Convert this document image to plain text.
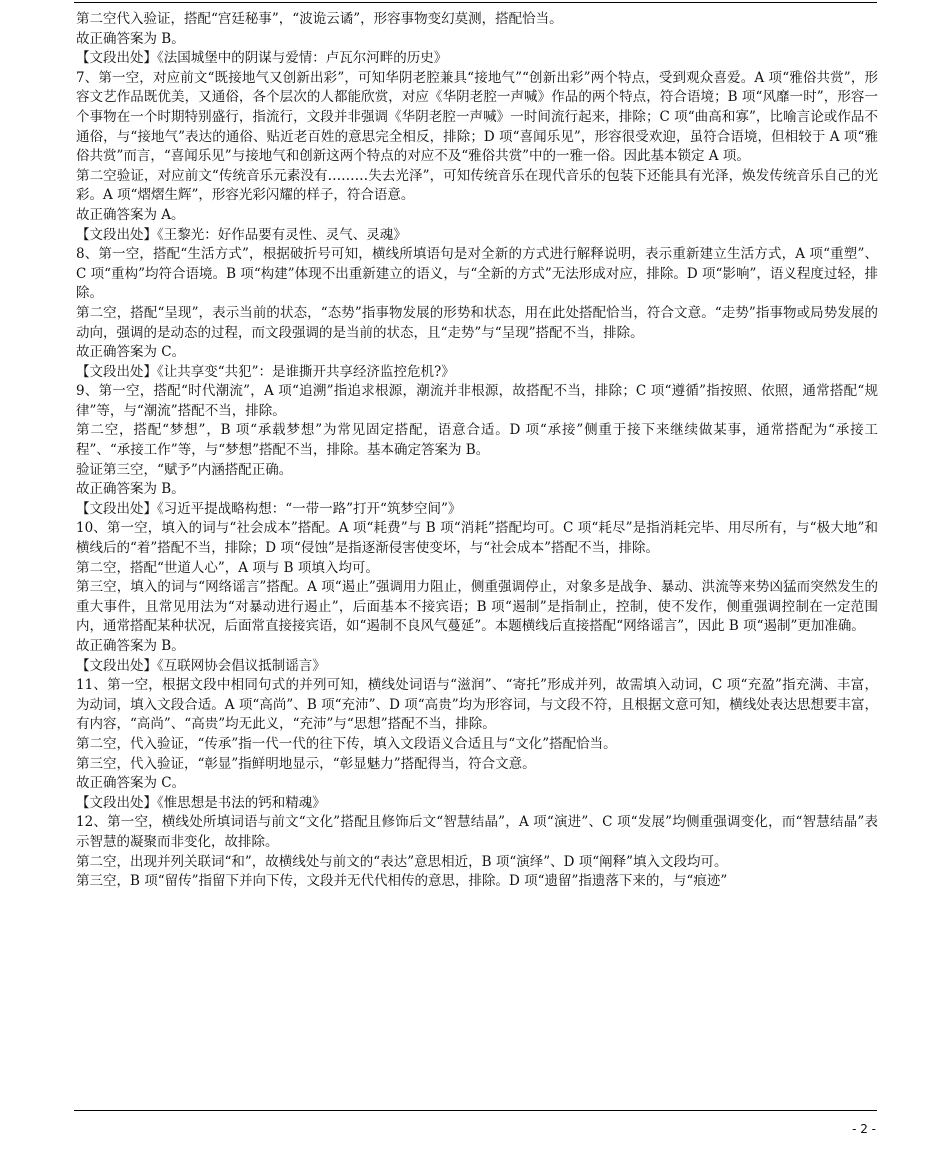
第二空代入验证，搭配“宫廷秘事”，“波诡云谲”，形容事物变幻莫测，搭配恰当。

故正确答案为 B。

【文段出处】《法国城堡中的阴谋与爱情：卢瓦尔河畔的历史》

7、第一空，对应前文“既接地气又创新出彩”，可知华阴老腔兼具“接地气”“创新出彩”两个特点，受到观众喜爱。A 项“雅俗共赏”，形容文艺作品既优美，又通俗，各个层次的人都能欣赏，对应《华阴老腔一声喊》作品的两个特点，符合语境；B 项“风靡一时”，形容一个事物在一个时期特别盛行，指流行，文段并非强调《华阴老腔一声喊》一时间流行起来，排除；C 项“曲高和寡”，比喻言论或作品不通俗，与“接地气”表达的通俗、贴近老百姓的意思完全相反，排除；D 项“喜闻乐见”，形容很受欢迎，虽符合语境，但相较于 A 项“雅俗共赏”而言，“喜闻乐见”与接地气和创新这两个特点的对应不及“雅俗共赏”中的一雅一俗。因此基本锁定 A 项。

第二空验证，对应前文“传统音乐元素没有………失去光泽”，可知传统音乐在现代音乐的包装下还能具有光泽，焕发传统音乐自己的光彩。A 项“熠熠生辉”，形容光彩闪耀的样子，符合语意。

故正确答案为 A。

【文段出处】《王黎光：好作品要有灵性、灵气、灵魂》

8、第一空，搭配“生活方式”，根据破折号可知，横线所填语句是对全新的方式进行解释说明，表示重新建立生活方式，A 项“重塑”、C 项“重构”均符合语境。B 项“构建”体现不出重新建立的语义，与“全新的方式”无法形成对应，排除。D 项“影响”，语义程度过轻，排除。

第二空，搭配“呈现”，表示当前的状态，“态势”指事物发展的形势和状态，用在此处搭配恰当，符合文意。“走势”指事物或局势发展的动向，强调的是动态的过程，而文段强调的是当前的状态，且“走势”与“呈现”搭配不当，排除。

故正确答案为 C。

【文段出处】《让共享变“共犯”：是谁撕开共享经济监控危机?》

9、第一空，搭配“时代潮流”，A 项“追溯”指追求根源，潮流并非根源，故搭配不当，排除；C 项“遵循”指按照、依照，通常搭配“规律”等，与“潮流”搭配不当，排除。

第二空，搭配“梦想”，B 项“承载梦想”为常见固定搭配，语意合适。D 项“承接”侧重于接下来继续做某事，通常搭配为“承接工程”、“承接工作”等，与“梦想”搭配不当，排除。基本确定答案为 B。

验证第三空，“赋予”内涵搭配正确。

故正确答案为 B。

【文段出处】《习近平提战略构想：“一带一路”打开“筑梦空间”》

10、第一空，填入的词与“社会成本”搭配。A 项“耗费”与 B 项“消耗”搭配均可。C 项“耗尽”是指消耗完毕、用尽所有，与“极大地”和横线后的“着”搭配不当，排除；D 项“侵蚀”是指逐渐侵害使变坏，与“社会成本”搭配不当，排除。

第二空，搭配“世道人心”，A 项与 B 项填入均可。

第三空，填入的词与“网络谣言”搭配。A 项“遏止”强调用力阻止，侧重强调停止，对象多是战争、暴动、洪流等来势凶猛而突然发生的重大事件，且常见用法为“对暴动进行遏止”，后面基本不接宾语；B 项“遏制”是指制止，控制，使不发作，侧重强调控制在一定范围内，通常搭配某种状况，后面常直接接宾语，如“遏制不良风气蔓延”。本题横线后直接搭配“网络谣言”，因此 B 项“遏制”更加准确。

故正确答案为 B。

【文段出处】《互联网协会倡议抵制谣言》

11、第一空，根据文段中相同句式的并列可知，横线处词语与“滋润”、“寄托”形成并列，故需填入动词，C 项“充盈”指充满、丰富，为动词，填入文段合适。A 项“高尚”、B 项“充沛”、D 项“高贵”均为形容词，与文段不符，且根据文意可知，横线处表达思想要丰富，有内容，“高尚”、“高贵”均无此义，“充沛”与“思想”搭配不当，排除。

第二空，代入验证，“传承”指一代一代的往下传，填入文段语义合适且与“文化”搭配恰当。

第三空，代入验证，“彰显”指鲜明地显示，“彰显魅力”搭配得当，符合文意。

故正确答案为 C。

【文段出处】《惟思想是书法的钙和精魂》

12、第一空，横线处所填词语与前文“文化”搭配且修饰后文“智慧结晶”，A 项“演进”、C 项“发展”均侧重强调变化，而“智慧结晶”表示智慧的凝聚而非变化，故排除。

第二空，出现并列关联词“和”，故横线处与前文的“表达”意思相近，B 项“演绎”、D 项“阐释”填入文段均可。

第三空，B 项“留传”指留下并向下传，文段并无代代相传的意思，排除。D 项“遗留”指遗落下来的，与“痕迹”

- 2 -
